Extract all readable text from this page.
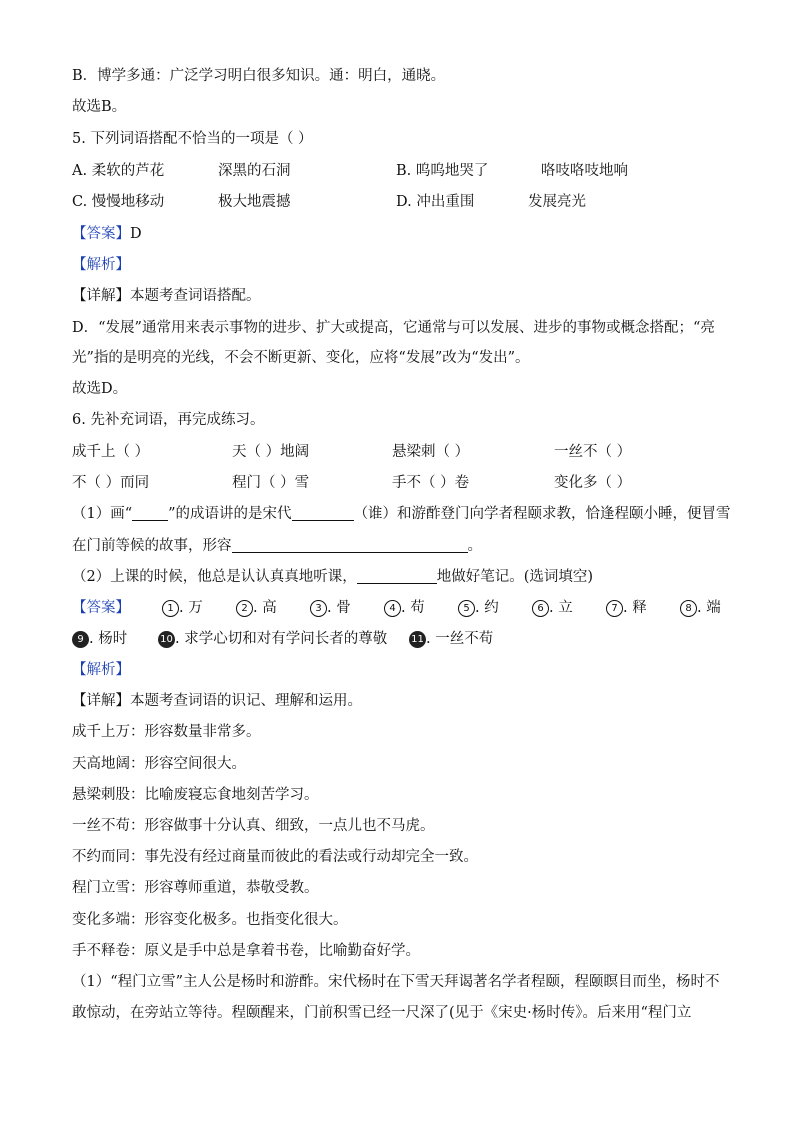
B．博学多通：广泛学习明白很多知识。通：明白，通晓。
故选B。
5. 下列词语搭配不恰当的一项是（ ）
A. 柔软的芦花	深黑的石洞	B. 呜呜地哭了	咯吱咯吱地响
C. 慢慢地移动	极大地震撼	D. 冲出重围	发展亮光
【答案】D
【解析】
【详解】本题考查词语搭配。
D．“发展”通常用来表示事物的进步、扩大或提高，它通常与可以发展、进步的事物或概念搭配；“亮
光”指的是明亮的光线，不会不断更新、变化，应将“发展”改为“发出”。
故选D。
6. 先补充词语，再完成练习。
成千上（ ）	天（ ）地阔	悬梁刺（ ）	一丝不（ ）
不（ ）而同	程门（ ）雪	手不（ ）卷	变化多（ ）
（1）画“ ”的成语讲的是宋代	（谁）和游酢登门向学者程颐求教，恰逢程颐小睡，便冒雪
在门前等候的故事，形容	。
（2）上课的时候，他总是认认真真地听课，	地做好笔记。(选词填空)
【答案】	1 . 万	2 . 高	3 . 骨	4 . 苟	5 . 约	6 . 立	7 . 释	8 . 端
9 . 杨时	10 . 求学心切和对有学问长者的尊敬 11 . 一丝不苟
【解析】
【详解】本题考查词语的识记、理解和运用。
成千上万：形容数量非常多。
天高地阔：形容空间很大。
悬梁刺股：比喻废寝忘食地刻苦学习。
一丝不苟：形容做事十分认真、细致，一点儿也不马虎。
不约而同：事先没有经过商量而彼此的看法或行动却完全一致。
程门立雪：形容尊师重道，恭敬受教。
变化多端：形容变化极多。也指变化很大。
手不释卷：原义是手中总是拿着书卷，比喻勤奋好学。
（1）“程门立雪”主人公是杨时和游酢。宋代杨时在下雪天拜谒著名学者程颐，程颐瞑目而坐，杨时不
敢惊动，在旁站立等待。程颐醒来，门前积雪已经一尺深了(见于《宋史·杨时传》。后来用“程门立
